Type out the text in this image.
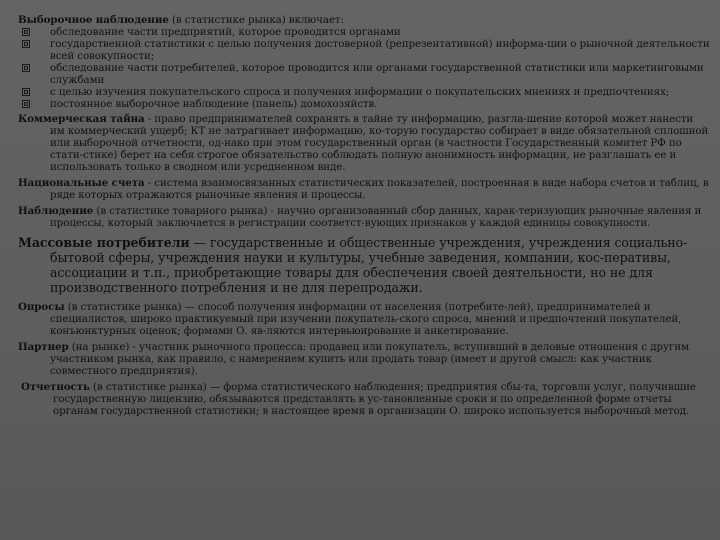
Выборочное наблюдение (в статистике рынка) включает:
обследование части предприятий, которое проводится органами
государственной статистики с целью получения достоверной (репрезентативной) информа-ции о рыночной деятельности всей совокупности;
обследование части потребителей, которое проводится или органами государственной статистики или маркетинговыми службами
с целью изучения покупательского спроса и получения информации о покупательских мнениях и предпочтениях;
постоянное выборочное наблюдение (панель) домохозяйств.
Коммерческая тайна - право предпринимателей сохранять в тайне ту информацию, разгла-шение которой может нанести им коммерческий ущерб; КТ не затрагивает информацию, ко-торую государство собирает в виде обязательной сплошной или выборочной отчетности, од-нако при этом государственный орган (в частности Государственный комитет РФ по стати-стике) берет на себя строгое обязательство соблюдать полную анонимность информации, не разглашать ее и использовать только в сводном или усредненном виде.
Национальные счета - система взаимосвязанных статистических показателей, построенная в виде набора счетов и таблиц, в ряде которых отражаются рыночные явления и процессы.
Наблюдение (в статистике товарного рынка) - научно организованный сбор данных, харак-теризующих рыночные явления и процессы, который заключается в регистрации соответст-вующих признаков у каждой единицы совокупности.
Массовые потребители — государственные и общественные учреждения, учреждения социально-бытовой сферы, учреждения науки и культуры, учебные заведения, компании, кос-перативы, ассоциации и т.п., приобретающие товары для обеспечения своей деятельности, но не для производственного потребления и не для перепродажи.
Опросы (в статистике рынка) — способ получения информации от населения (потребите-лей), предпринимателей и специалистов, широко практикуемый при изучении покупатель-ского спроса, мнений и предпочтений покупателей, конъюнктурных оценок; формами О. яв-ляются интервьюирование и анкетирование.
Партнер (на рынке) - участник рыночного процесса: продавец или покупатель, вступивший в деловые отношения с другим участником рынка, как правило, с намерением купить или продать товар (имеет и другой смысл: как участник совместного предприятия).
Отчетность (в статистике рынка) — форма статистического наблюдения; предприятия сбы-та, торговли услуг, получившие государственную лицензию, обязываются представлять в ус-тановленные сроки и по определенной форме отчеты органам государственной статистики; в настоящее время в организации О. широко используется выборочный метод.
